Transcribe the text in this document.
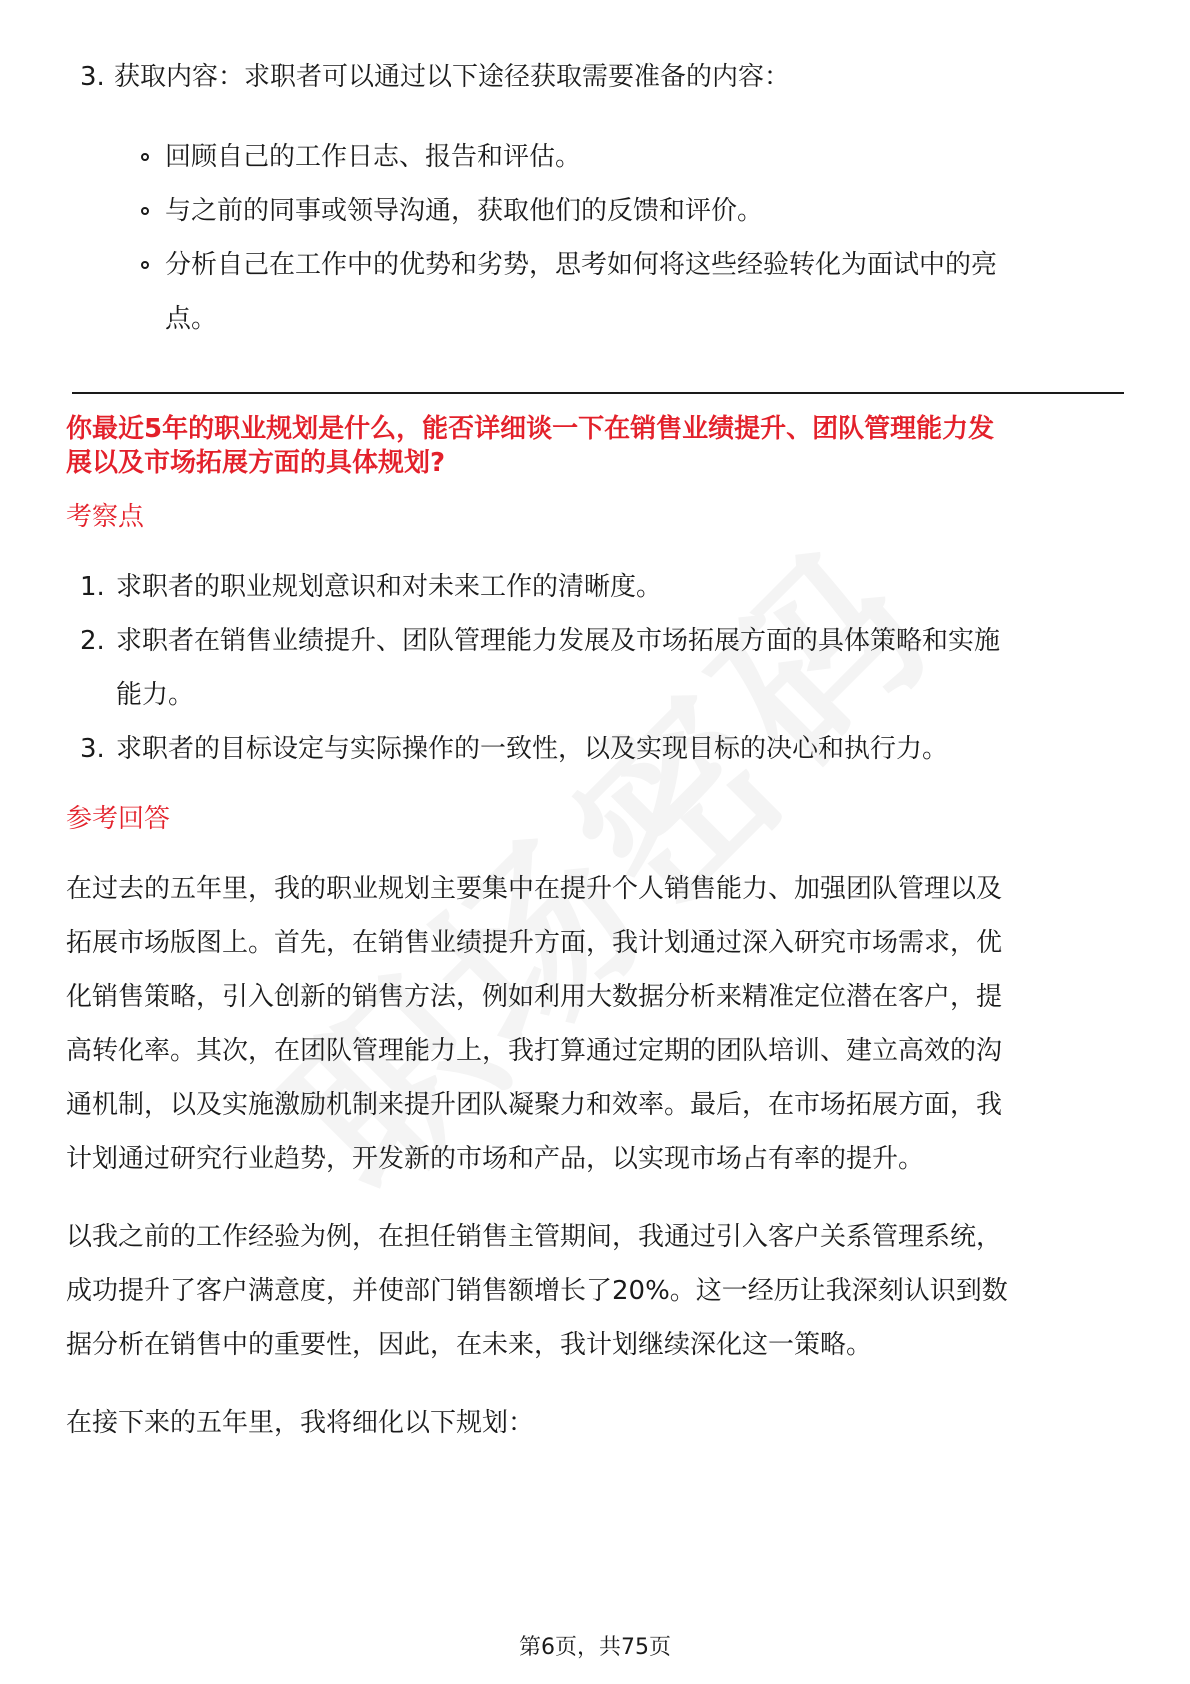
3. 获取内容：求职者可以通过以下途径获取需要准备的内容：
回顾自己的工作日志、报告和评估。
与之前的同事或领导沟通，获取他们的反馈和评价。
分析自己在工作中的优势和劣势，思考如何将这些经验转化为面试中的亮
点。
你最近5年的职业规划是什么，能否详细谈一下在销售业绩提升、团队管理能力发
展以及市场拓展方面的具体规划?
考察点
1. 求职者的职业规划意识和对未来工作的清晰度。
2. 求职者在销售业绩提升、团队管理能力发展及市场拓展方面的具体策略和实施
能力。
3. 求职者的目标设定与实际操作的一致性，以及实现目标的决心和执行力。
参考回答
在过去的五年里，我的职业规划主要集中在提升个人销售能力、加强团队管理以及
拓展市场版图上。首先，在销售业绩提升方面，我计划通过深入研究市场需求，优
化销售策略，引入创新的销售方法，例如利用大数据分析来精准定位潜在客户，提
高转化率。其次，在团队管理能力上，我打算通过定期的团队培训、建立高效的沟
通机制，以及实施激励机制来提升团队凝聚力和效率。最后，在市场拓展方面，我
计划通过研究行业趋势，开发新的市场和产品，以实现市场占有率的提升。
以我之前的工作经验为例，在担任销售主管期间，我通过引入客户关系管理系统，
成功提升了客户满意度，并使部门销售额增长了20%。这一经历让我深刻认识到数
据分析在销售中的重要性，因此，在未来，我计划继续深化这一策略。
在接下来的五年里，我将细化以下规划：
第6页，共75页
